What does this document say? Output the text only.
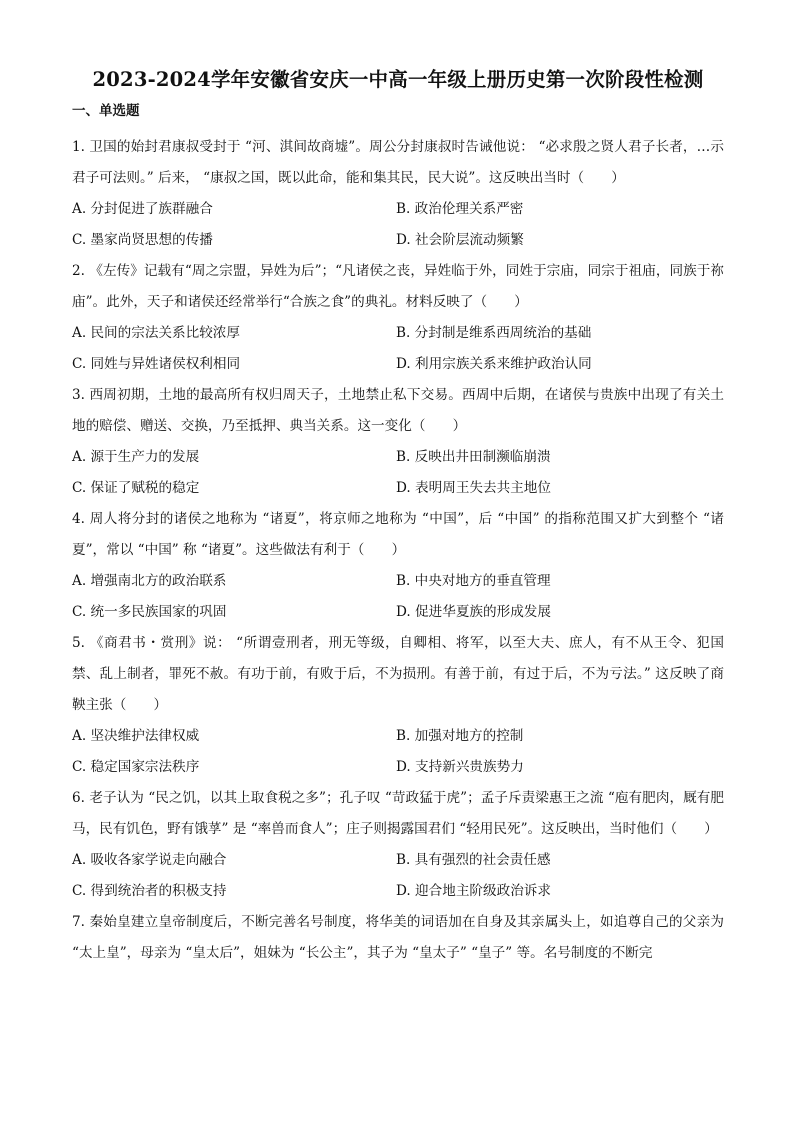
2023-2024学年安徽省安庆一中高一年级上册历史第一次阶段性检测
一、单选题

1. 卫国的始封君康叔受封于 “河、淇间故商墟”。周公分封康叔时告诫他说： “必求殷之贤人君子长者，…示君子可法则。” 后来， “康叔之国，既以此命，能和集其民，民大说”。这反映出当时（　　）

A. 分封促进了族群融合	B. 政治伦理关系严密
C. 墨家尚贤思想的传播	D. 社会阶层流动频繁

2. 《左传》记载有“周之宗盟，异姓为后”；“凡诸侯之丧，异姓临于外，同姓于宗庙，同宗于祖庙，同族于祢庙”。此外，天子和诸侯还经常举行“合族之食”的典礼。材料反映了（　　）

A. 民间的宗法关系比较浓厚	B. 分封制是维系西周统治的基础
C. 同姓与异姓诸侯权利相同	D. 利用宗族关系来维护政治认同

3. 西周初期，土地的最高所有权归周天子，土地禁止私下交易。西周中后期，在诸侯与贵族中出现了有关土地的赔偿、赠送、交换，乃至抵押、典当关系。这一变化（　　）

A. 源于生产力的发展	B. 反映出井田制濒临崩溃
C. 保证了赋税的稳定	D. 表明周王失去共主地位

4. 周人将分封的诸侯之地称为 “诸夏”，将京师之地称为 “中国”，后 “中国” 的指称范围又扩大到整个 “诸夏”，常以 “中国” 称 “诸夏”。这些做法有利于（　　）

A. 增强南北方的政治联系	B. 中央对地方的垂直管理
C. 统一多民族国家的巩固	D. 促进华夏族的形成发展

5. 《商君书・赏刑》说： “所谓壹刑者，刑无等级，自卿相、将军，以至大夫、庶人，有不从王令、犯国禁、乱上制者，罪死不赦。有功于前，有败于后，不为损刑。有善于前，有过于后，不为亏法。” 这反映了商鞅主张（　　）

A. 坚决维护法律权威	B. 加强对地方的控制
C. 稳定国家宗法秩序	D. 支持新兴贵族势力

6. 老子认为 “民之饥，以其上取食税之多”；孔子叹 “苛政猛于虎”；孟子斥责梁惠王之流 “庖有肥肉，厩有肥马，民有饥色，野有饿莩” 是 “率兽而食人”；庄子则揭露国君们 “轻用民死”。这反映出，当时他们（　　）

A. 吸收各家学说走向融合	B. 具有强烈的社会责任感
C. 得到统治者的积极支持	D. 迎合地主阶级政治诉求

7. 秦始皇建立皇帝制度后，不断完善名号制度，将华美的词语加在自身及其亲属头上，如追尊自己的父亲为 “太上皇”，母亲为 “皇太后”，姐妹为 “长公主”，其子为 “皇太子” “皇子” 等。名号制度的不断完
